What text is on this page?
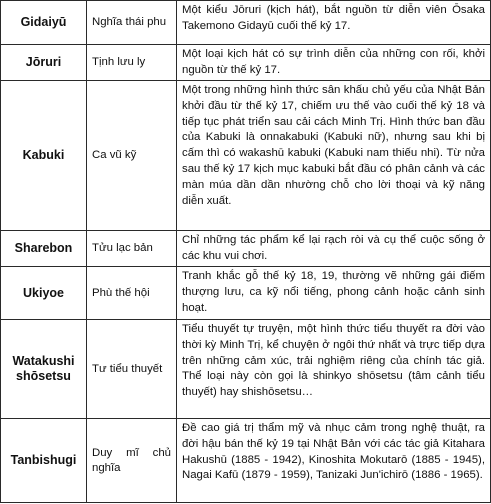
Gidaiyū	Nghĩa thái phu	Một kiểu Jōruri (kịch hát), bắt nguồn từ diễn viên Ōsaka Takemono Gidayū cuối thế kỷ 17.

Jōruri	Tịnh lưu ly	Một loại kịch hát có sự trình diễn của những con rối, khởi nguồn từ thế kỷ 17.

Kabuki	Ca vũ kỹ	Một trong những hình thức sân khấu chủ yếu của Nhật Bản khởi đầu từ thế kỷ 17, chiếm ưu thế vào cuối thế kỷ 18 và tiếp tục phát triển sau cải cách Minh Trị. Hình thức ban đầu của Kabuki là onnakabuki (Kabuki nữ), nhưng sau khi bị cấm thì có wakashū kabuki (Kabuki nam thiếu nhi). Từ nửa sau thế kỷ 17 kịch mục kabuki bắt đầu có phân cảnh và các màn múa dần dần nhường chỗ cho lời thoại và kỹ năng diễn xuất.

Sharebon	Tửu lạc bản	Chỉ những tác phẩm kể lại rạch ròi và cụ thể cuộc sống ở các khu vui chơi.

Ukiyoe	Phù thế hội	Tranh khắc gỗ thế kỷ 18, 19, thường vẽ những gái điếm thượng lưu, ca kỹ nổi tiếng, phong cảnh hoặc cảnh sinh hoạt.

Watakushi shōsetsu	Tư tiểu thuyết	Tiểu thuyết tự truyện, một hình thức tiểu thuyết ra đời vào thời kỳ Minh Trị, kể chuyện ở ngôi thứ nhất và trực tiếp dựa trên những cảm xúc, trải nghiệm riêng của chính tác giả. Thể loại này còn gọi là shinkyo shōsetsu (tâm cảnh tiểu thuyết) hay shishōsetsu…

Tanbishugi	Duy mĩ chủ nghĩa	Đề cao giá trị thẩm mỹ và nhục cảm trong nghệ thuật, ra đời hậu bán thế kỷ 19 tại Nhật Bản với các tác giả Kitahara Hakushū (1885 - 1942), Kinoshita Mokutarō (1885 - 1945), Nagai Kafū (1879 - 1959), Tanizaki Jun'ichirō (1886 - 1965).
